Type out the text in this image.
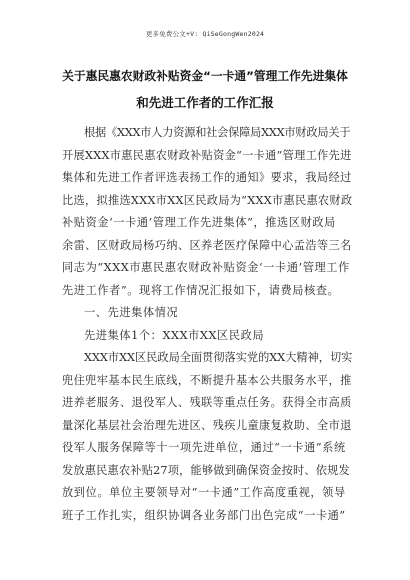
更多免费公文+V: QiSeGongWen2024
关于惠民惠农财政补贴资金“一卡通”管理工作先进集体
和先进工作者的工作汇报
根据《XXX市人力资源和社会保障局XXX市财政局关于
开展XXX市惠民惠农财政补贴资金“一卡通”管理工作先进
集体和先进工作者评选表扬工作的通知》要求，我局经过
比选，拟推选XXX市XX区民政局为“XXX市惠民惠农财政
补贴资金‘一卡通’管理工作先进集体”，推选区财政局
余雷、区财政局杨巧纳、区养老医疗保障中心孟浩等三名
同志为“XXX市惠民惠农财政补贴资金‘一卡通’管理工作
先进工作者”。现将工作情况汇报如下，请费局核查。
一、先进集体情况
先进集体1个：XXX市XX区民政局
XXX市XX区民政局全面贯彻落实党的XX大精神，切实
兜住兜牢基本民生底线，不断提升基本公共服务水平，推
进养老服务、退役军人、残联等重点任务。获得全市高质
量深化基层社会治理先进区、残疾儿童康复救助、全市退
役军人服务保障等十一项先进单位，通过“一卡通”系统
发放惠民惠农补贴27项，能够做到确保资金按时、依规发
放到位。单位主要领导对“一卡通”工作高度重视，领导
班子工作扎实，组织协调各业务部门出色完成“一卡通”
